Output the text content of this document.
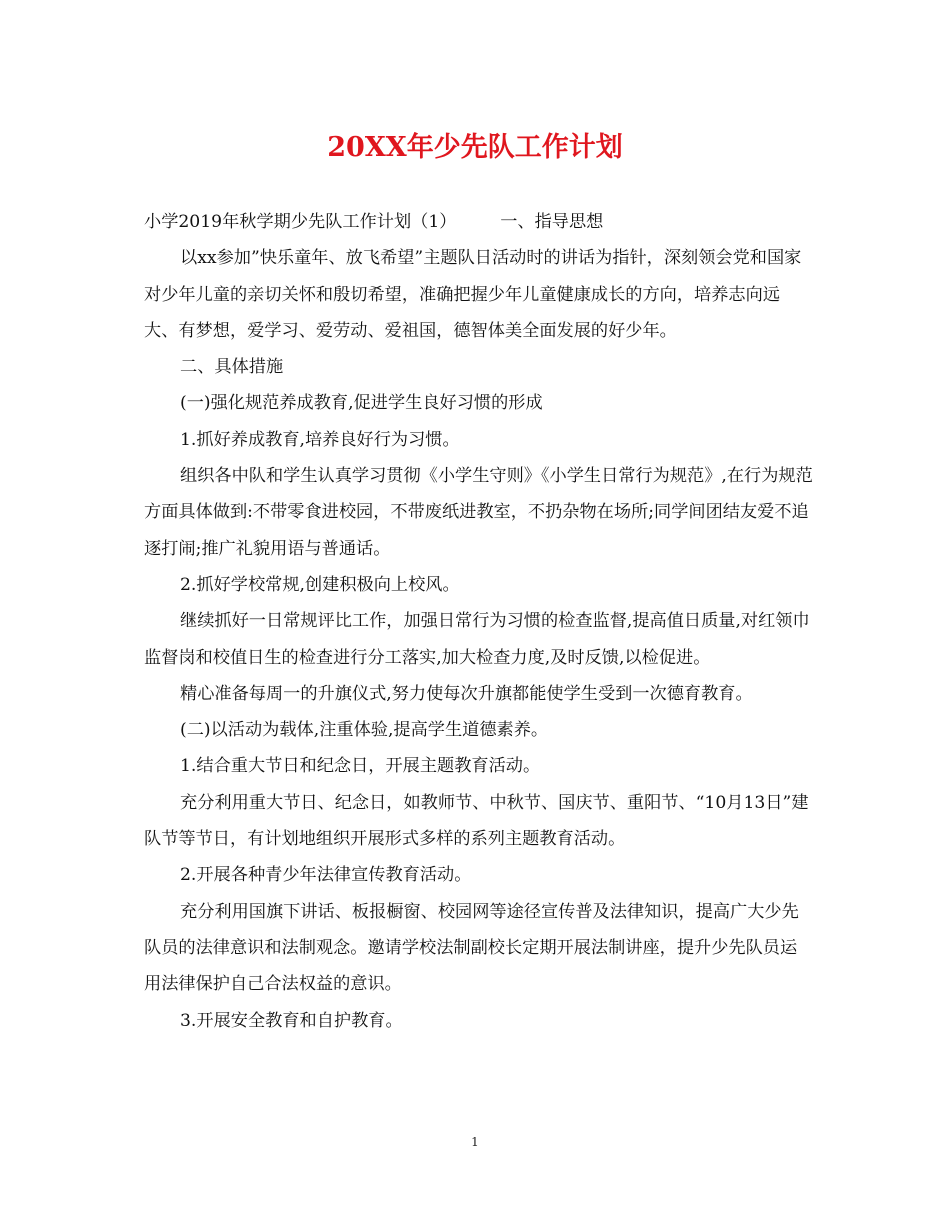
20XX年少先队工作计划

小学2019年秋学期少先队工作计划（1）        一、指导思想

以xx参加”快乐童年、放飞希望”主题队日活动时的讲话为指针，深刻领会党和国家对少年儿童的亲切关怀和殷切希望，准确把握少年儿童健康成长的方向，培养志向远大、有梦想，爱学习、爱劳动、爱祖国，德智体美全面发展的好少年。

二、具体措施

(一)强化规范养成教育,促进学生良好习惯的形成

1.抓好养成教育,培养良好行为习惯。

组织各中队和学生认真学习贯彻《小学生守则》《小学生日常行为规范》,在行为规范方面具体做到:不带零食进校园，不带废纸进教室，不扔杂物在场所;同学间团结友爱不追逐打闹;推广礼貌用语与普通话。

2.抓好学校常规,创建积极向上校风。

继续抓好一日常规评比工作，加强日常行为习惯的检查监督,提高值日质量,对红领巾监督岗和校值日生的检查进行分工落实,加大检查力度,及时反馈,以检促进。

精心准备每周一的升旗仪式,努力使每次升旗都能使学生受到一次德育教育。

(二)以活动为载体,注重体验,提高学生道德素养。

1.结合重大节日和纪念日，开展主题教育活动。

充分利用重大节日、纪念日，如教师节、中秋节、国庆节、重阳节、“10月13日”建队节等节日，有计划地组织开展形式多样的系列主题教育活动。

2.开展各种青少年法律宣传教育活动。

充分利用国旗下讲话、板报橱窗、校园网等途径宣传普及法律知识，提高广大少先队员的法律意识和法制观念。邀请学校法制副校长定期开展法制讲座，提升少先队员运用法律保护自己合法权益的意识。

3.开展安全教育和自护教育。

1
